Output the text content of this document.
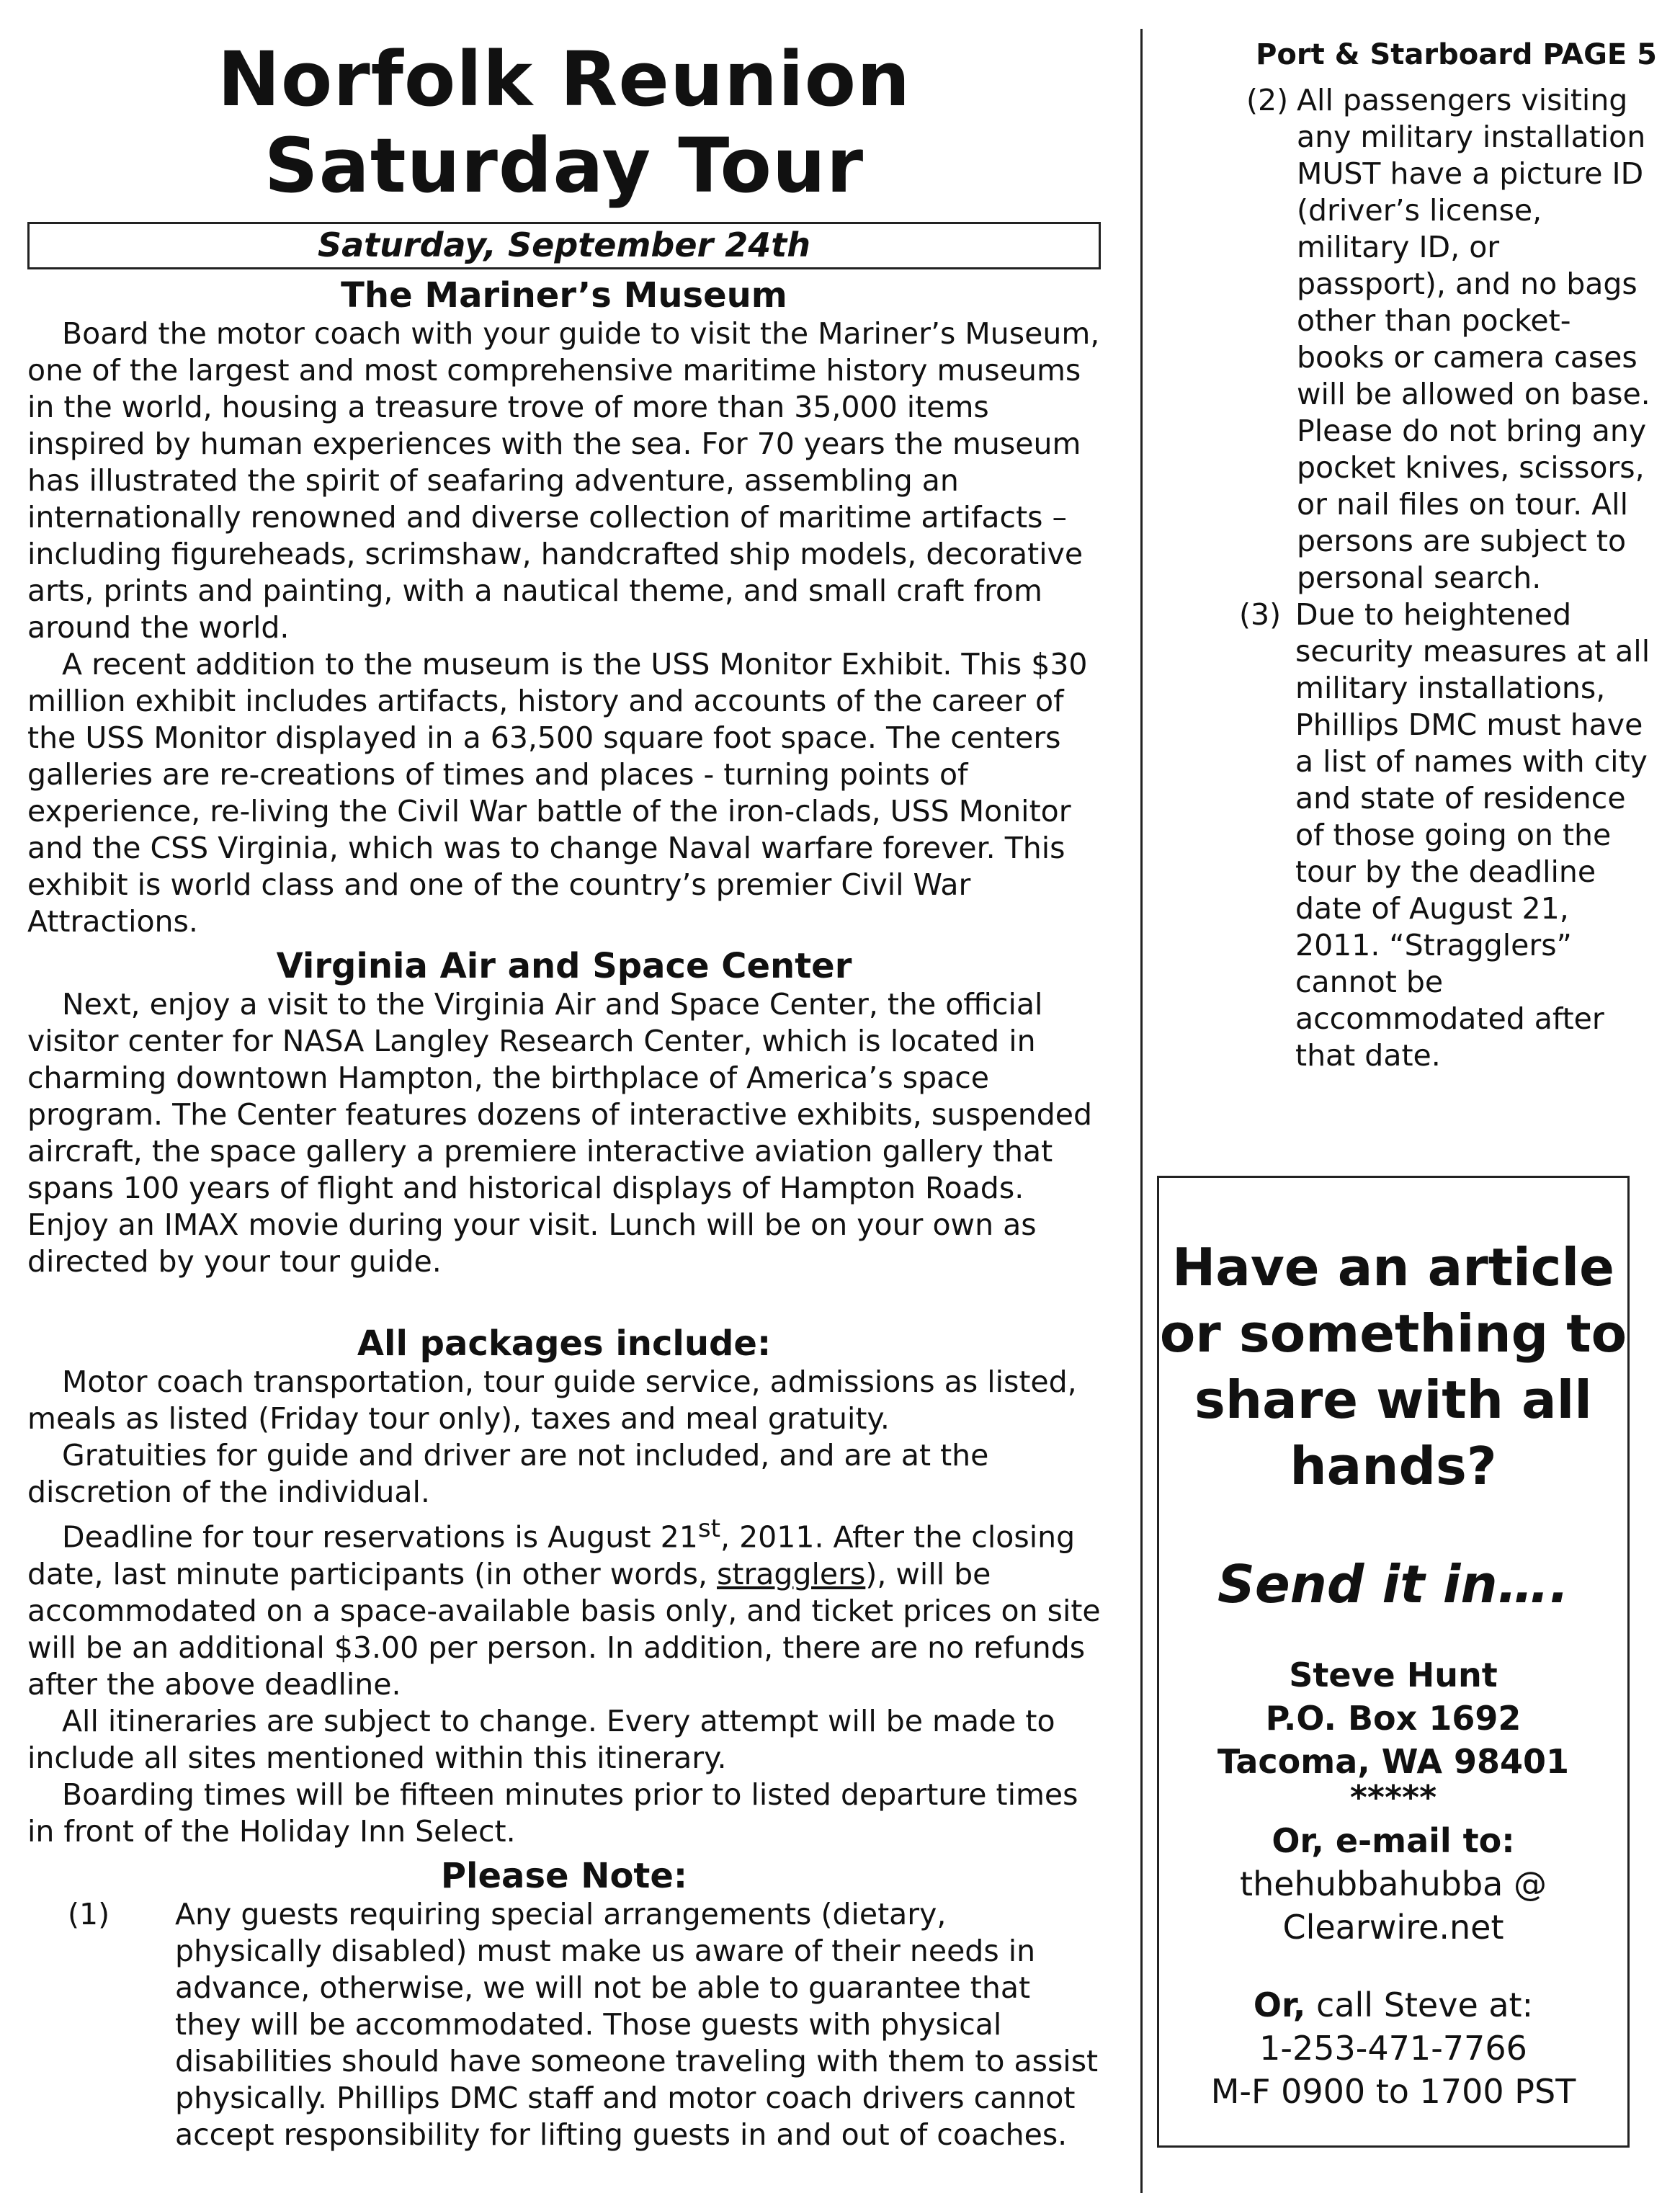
Norfolk Reunion
Saturday Tour
Saturday, September 24th
The Mariner’s Museum

Board the motor coach with your guide to visit the Mariner’s Museum, one of the largest and most comprehensive maritime history museums in the world, housing a treasure trove of more than 35,000 items inspired by human experiences with the sea. For 70 years the museum has illustrated the spirit of seafaring adventure, assembling an internationally renowned and diverse collection of maritime artifacts – including figureheads, scrimshaw, handcrafted ship models, decorative arts, prints and painting, with a nautical theme, and small craft from around the world.

A recent addition to the museum is the USS Monitor Exhibit. This $30 million exhibit includes artifacts, history and accounts of the career of the USS Monitor displayed in a 63,500 square foot space. The centers galleries are re-creations of times and places - turning points of experience, re-living the Civil War battle of the iron-clads, USS Monitor and the CSS Virginia, which was to change Naval warfare forever. This exhibit is world class and one of the country’s premier Civil War Attractions.

Virginia Air and Space Center

Next, enjoy a visit to the Virginia Air and Space Center, the official visitor center for NASA Langley Research Center, which is located in charming downtown Hampton, the birthplace of America’s space program. The Center features dozens of interactive exhibits, suspended aircraft, the space gallery a premiere interactive aviation gallery that spans 100 years of flight and historical displays of Hampton Roads. Enjoy an IMAX movie during your visit. Lunch will be on your own as directed by your tour guide.

All packages include:

Motor coach transportation, tour guide service, admissions as listed, meals as listed (Friday tour only), taxes and meal gratuity.

Gratuities for guide and driver are not included, and are at the discretion of the individual.

Deadline for tour reservations is August 21st, 2011. After the closing date, last minute participants (in other words, stragglers), will be accommodated on a space-available basis only, and ticket prices on site will be an additional $3.00 per person. In addition, there are no refunds after the above deadline.

All itineraries are subject to change. Every attempt will be made to include all sites mentioned within this itinerary.

Boarding times will be fifteen minutes prior to listed departure times in front of the Holiday Inn Select.

Please Note:
(1) Any guests requiring special arrangements (dietary, physically disabled) must make us aware of their needs in advance, otherwise, we will not be able to guarantee that they will be accommodated. Those guests with physical disabilities should have someone traveling with them to assist physically. Phillips DMC staff and motor coach drivers cannot accept responsibility for lifting guests in and out of coaches.
Port & Starboard PAGE 5
(2) All passengers visiting any military installation MUST have a picture ID (driver’s license, military ID, or passport), and no bags other than pocket-books or camera cases will be allowed on base. Please do not bring any pocket knives, scissors, or nail files on tour. All persons are subject to personal search.
(3) Due to heightened security measures at all military installations, Phillips DMC must have a list of names with city and state of residence of those going on the tour by the deadline date of August 21, 2011. “Stragglers” cannot be accommodated after that date.
Have an article or something to share with all hands?
Send it in….
Steve Hunt
P.O. Box 1692
Tacoma, WA 98401
*****
Or, e-mail to:
thehubbahubba @
Clearwire.net
Or, call Steve at:
1-253-471-7766
M-F 0900 to 1700 PST
